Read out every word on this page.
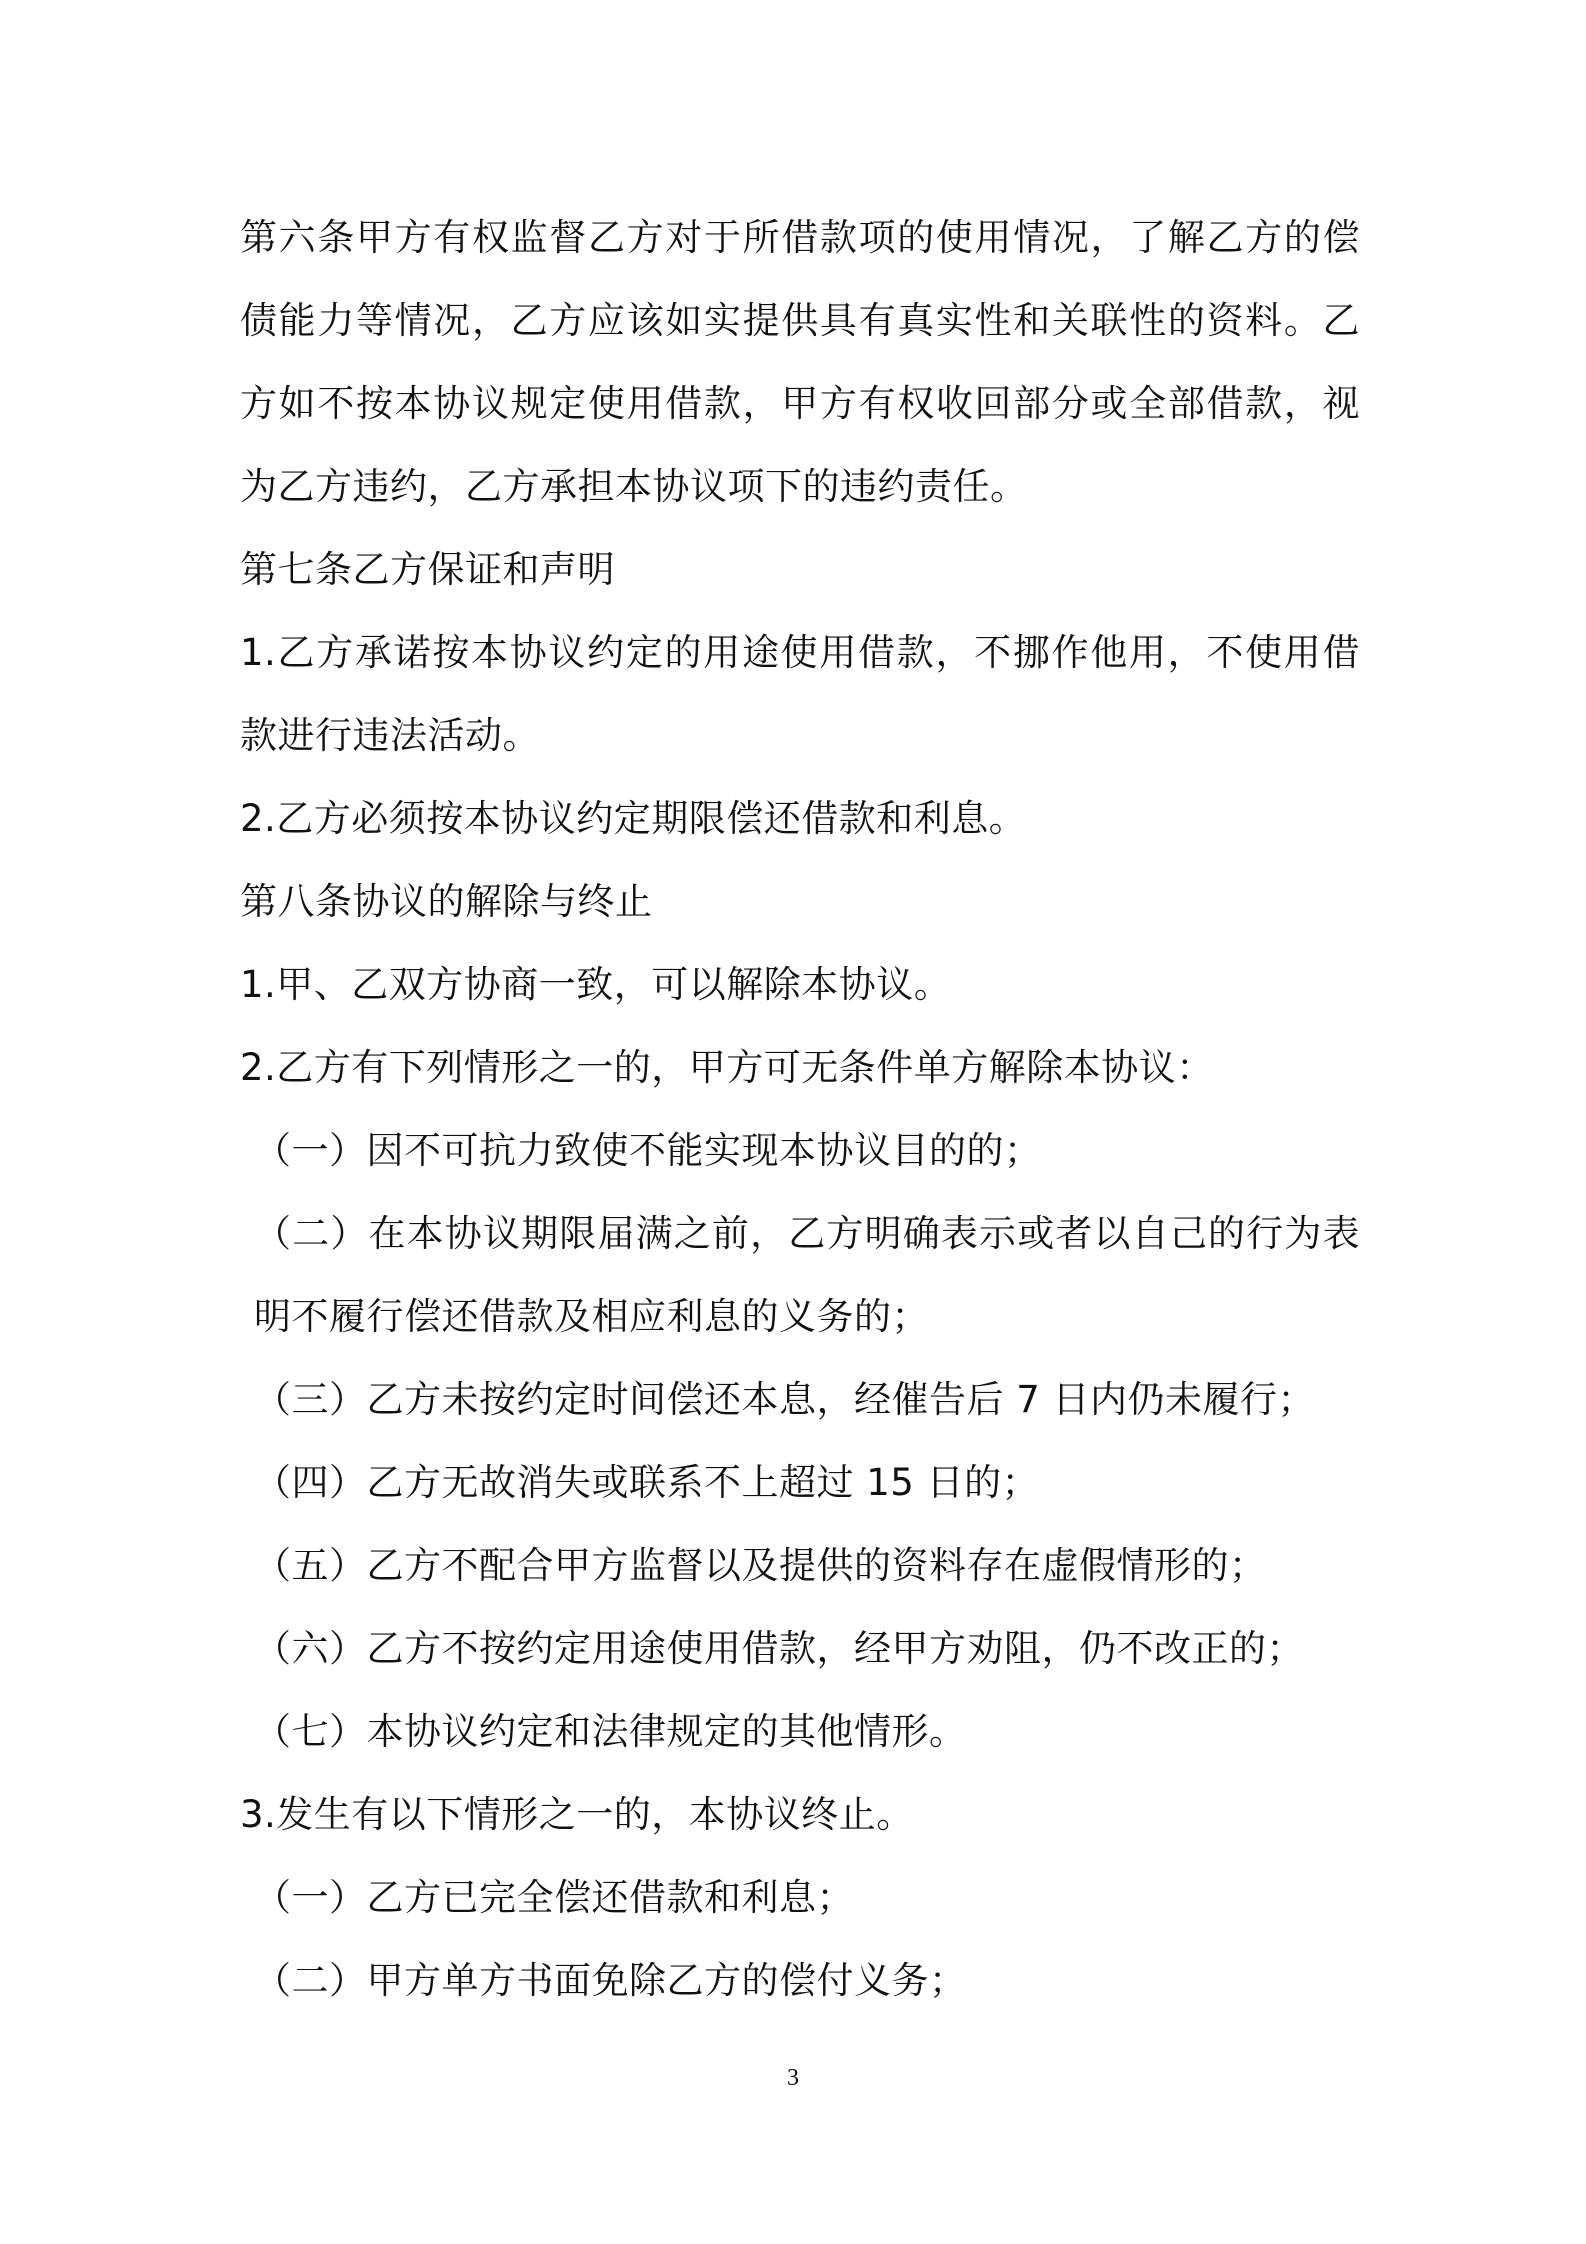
第六条甲方有权监督乙方对于所借款项的使用情况，了解乙方的偿债能力等情况，乙方应该如实提供具有真实性和关联性的资料。乙方如不按本协议规定使用借款，甲方有权收回部分或全部借款，视为乙方违约，乙方承担本协议项下的违约责任。

第七条乙方保证和声明

1.乙方承诺按本协议约定的用途使用借款，不挪作他用，不使用借款进行违法活动。

2.乙方必须按本协议约定期限偿还借款和利息。

第八条协议的解除与终止

1.甲、乙双方协商一致，可以解除本协议。

2.乙方有下列情形之一的，甲方可无条件单方解除本协议：

（一）因不可抗力致使不能实现本协议目的的；

（二）在本协议期限届满之前，乙方明确表示或者以自己的行为表明不履行偿还借款及相应利息的义务的；

（三）乙方未按约定时间偿还本息，经催告后 7 日内仍未履行；

（四）乙方无故消失或联系不上超过 15 日的；

（五）乙方不配合甲方监督以及提供的资料存在虚假情形的；

（六）乙方不按约定用途使用借款，经甲方劝阻，仍不改正的；

（七）本协议约定和法律规定的其他情形。

3.发生有以下情形之一的，本协议终止。

（一）乙方已完全偿还借款和利息；

（二）甲方单方书面免除乙方的偿付义务；

3
